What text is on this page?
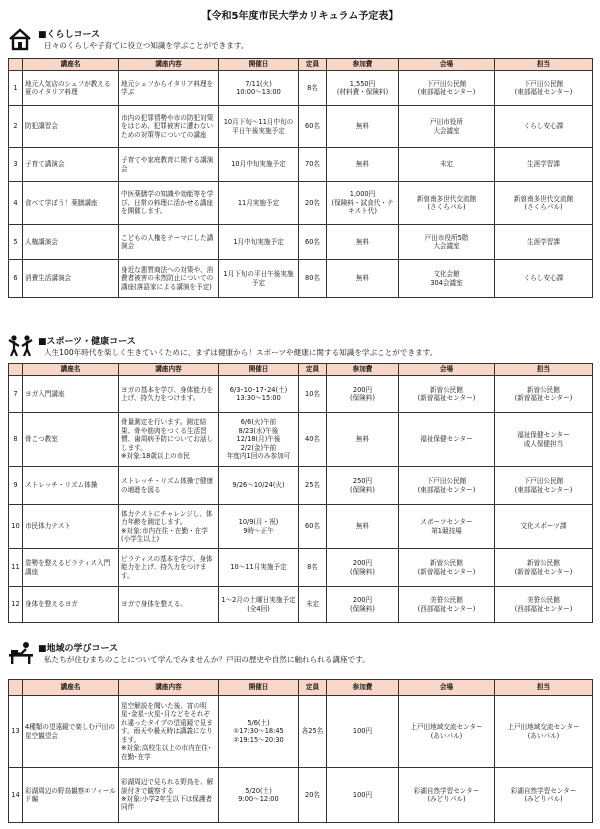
【令和5年度市民大学カリキュラム予定表】
■くらしコース
日々のくらしや子育てに役立つ知識を学ぶことができます。
	講座名	講座内容	開催日	定員	参加費	会場	担当
1	地元人気店のシェフが教える夏のイタリア料理	地元シェフからイタリア料理を学ぶ	7/11(火)
10:00～13:00	8名	1,550円
(材料費・保険料)	下戸田公民館
(東部福祉センター)	下戸田公民館
(東部福祉センター)
2	防犯講習会	市内の犯罪情勢や市の防犯対策をはじめ、犯罪被害に遭わないための対策等についての講座	10月下旬～11月中旬の平日午後実施予定	60名	無料	戸田市役所
大会議室	くらし安心課
3	子育て講演会	子育てや家庭教育に関する講演会	10月中旬実施予定	70名	無料	未定	生涯学習課
4	食べて学ぼう！薬膳講座	中医薬膳学の知識や効能等を学び、日常の料理に活かせる講座を開催します。	11月実施予定	20名	1,000円
(保険料・試食代・テキスト代)	新曽南多世代交流館
(さくらパル)	新曽南多世代交流館
(さくらパル)
5	人権講演会	こどもの人権をテーマにした講演会	1月中旬実施予定	60名	無料	戸田市役所5階
大会議室	生涯学習課
6	消費生活講演会	身近な悪質商法への対策や、消費者被害の未然防止についての講座(落語家による講演を予定)	1月下旬の平日午後実施予定	80名	無料	文化会館
304会議室	くらし安心課
■スポーツ・健康コース
人生100年時代を楽しく生きていくために、まずは健康から！スポーツや健康に関する知識を学ぶことができます。
	講座名	講座内容	開催日	定員	参加費	会場	担当
7	ヨガ入門講座	ヨガの基本を学び、身体能力を上げ、持久力をつけます。	6/3･10･17･24(土)
13:30～15:00	10名	200円
(保険料)	新曽公民館
(新曽福祉センター)	新曽公民館
(新曽福祉センター)
8	骨こつ教室	骨量測定を行います。測定結果、骨や筋肉をつくる生活習慣、歯周病予防についてお話しします。
※対象:18歳以上の市民	6/6(火)午前
8/23(水)午後
12/18(月)午後
2/2(金)午前
年度内1回のみ参加可	40名	無料	福祉保健センター	福祉保健センター
成人保健担当
9	ストレッチ・リズム体操	ストレッチ・リズム体操で健康の増進を図る	9/26～10/24(火)	25名	250円
(保険料)	下戸田公民館
(東部福祉センター)	下戸田公民館
(東部福祉センター)
10	市民体力テスト	体力テストにチャレンジし、体力年齢を測定します。
※対象:市内在住・在勤・在学(小学生以上)	10/9(月・祝)
9時～正午	60名	無料	スポーツセンター
第1競技場	文化スポーツ課
11	姿勢を整えるピラティス入門講座	ピラティスの基本を学び、身体能力を上げ、持久力をつけます。	10～11月実施予定	8名	200円
(保険料)	新曽公民館
(新曽福祉センター)	新曽公民館
(新曽福祉センター)
12	身体を整えるヨガ	ヨガで身体を整える。	1～2月の土曜日実施予定(全4回)	未定	200円
(保険料)	美笹公民館
(西部福祉センター)	美笹公民館
(西部福祉センター)
■地域の学びコース
私たちが住むまちのことについて学んでみませんか？戸田の歴史や自然に触れられる講座です。
	講座名	講座内容	開催日	定員	参加費	会場	担当
13	4種類の望遠鏡で楽しむ戸田の星空観望会	星空解説を聞いた後、宵の明星･金星･火星･月などをそれぞれ違ったタイプの望遠鏡で見ます。雨天や曇天時は講義になります。
※対象:高校生以上の市内在住･在勤･在学	5/6(土)
①17:30～18:45
②19:15～20:30	各25名	100円	上戸田地域交流センター
(あいパル)	上戸田地域交流センター
(あいパル)
14	彩湖周辺の野鳥観察①フィールド編	彩湖周辺で見られる野鳥を、解説付きで観察する
※対象:小学2年生以下は保護者同伴	5/20(土)
9:00～12:00	20名	100円	彩湖自然学習センター
(みどりパル)	彩湖自然学習センター
(みどりパル)
